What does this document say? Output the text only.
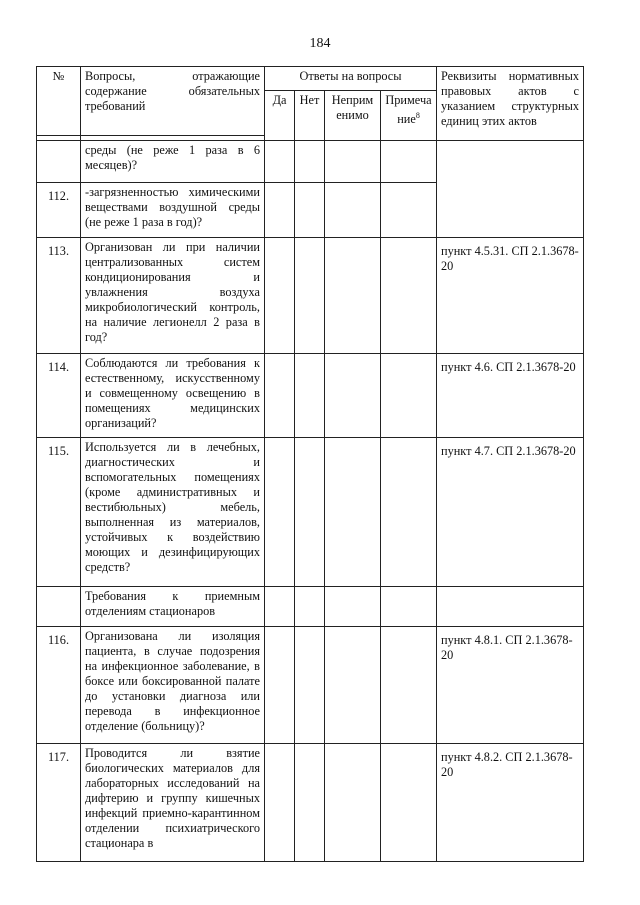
184
№	Вопросы, отражающие содержание обязательных требований	Ответы на вопросы				Реквизиты нормативных правовых актов с указанием структурных единиц этих актов
		Да	Нет	Неприм енимо	Примеча ние$^8$

	среды (не реже 1 раза в 6 месяцев)?					
112.	-загрязненностью химическими веществами воздушной среды (не реже 1 раза в год)?					
113.	Организован ли при наличии централизованных систем кондиционирования и увлажнения воздуха микробиологический контроль, на наличие легионелл 2 раза в год?					пункт 4.5.31. СП 2.1.3678-20
114.	Соблюдаются ли требования к естественному, искусственному и совмещенному освещению в помещениях медицинских организаций?					пункт 4.6. СП 2.1.3678-20
115.	Используется ли в лечебных, диагностических и вспомогательных помещениях (кроме административных и вестибюльных) мебель, выполненная из материалов, устойчивых к воздействию моющих и дезинфицирующих средств?					пункт 4.7. СП 2.1.3678-20
	Требования к приемным отделениям стационаров					
116.	Организована ли изоляция пациента, в случае подозрения на инфекционное заболевание, в боксе или боксированной палате до установки диагноза или перевода в инфекционное отделение (больницу)?					пункт 4.8.1. СП 2.1.3678-20
117.	Проводится ли взятие биологических материалов для лабораторных исследований на дифтерию и группу кишечных инфекций приемно-карантинном отделении психиатрического стационара в					пункт 4.8.2. СП 2.1.3678-20
